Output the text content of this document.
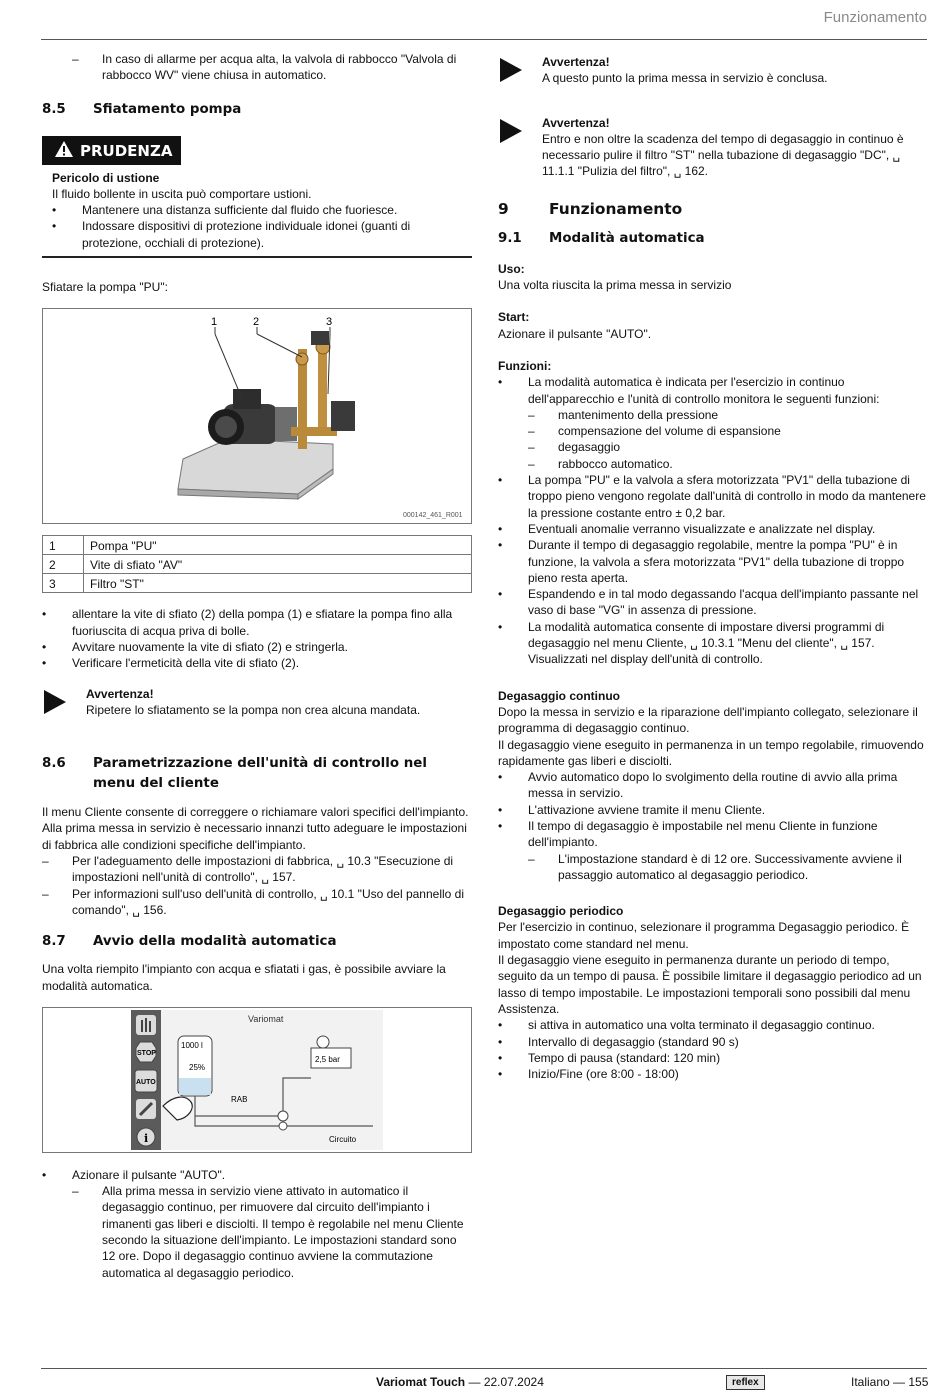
Funzionamento

– In caso di allarme per acqua alta, la valvola di rabbocco "Valvola di rabbocco WV" viene chiusa in automatico.

8.5 Sfiatamento pompa
PRUDENZA

Pericolo di ustione

Il fluido bollente in uscita può comportare ustioni.

• Mantenere una distanza sufficiente dal fluido che fuoriesce.

• Indossare dispositivi di protezione individuale idonei (guanti di protezione, occhiali di protezione).

Sfiatare la pompa "PU":

1	2	3
000142_461_R001
1	Pompa "PU"
2	Vite di sfiato "AV"
3	Filtro "ST"

• allentare la vite di sfiato (2) della pompa (1) e sfiatare la pompa fino alla fuoriuscita di acqua priva di bolle.

• Avvitare nuovamente la vite di sfiato (2) e stringerla.

• Verificare l'ermeticità della vite di sfiato (2).

Avvertenza!

Ripetere lo sfiatamento se la pompa non crea alcuna mandata.

8.6 Parametrizzazione dell'unità di controllo nel menu del cliente

Il menu Cliente consente di correggere o richiamare valori specifici dell'impianto. Alla prima messa in servizio è necessario innanzi tutto adeguare le impostazioni di fabbrica alle condizioni specifiche dell'impianto.

– Per l'adeguamento delle impostazioni di fabbrica, ␣ 10.3 "Esecuzione di impostazioni nell'unità di controllo", ␣ 157.

– Per informazioni sull'uso dell'unità di controllo, ␣ 10.1 "Uso del pannello di comando", ␣ 156.

8.7 Avvio della modalità automatica

Una volta riempito l'impianto con acqua e sfiatati i gas, è possibile avviare la modalità automatica.

STOP
AUTO
i
Variomat
1000 l
25%
2,5 bar
RAB
Circuito

• Azionare il pulsante "AUTO".

– Alla prima messa in servizio viene attivato in automatico il degasaggio continuo, per rimuovere dal circuito dell'impianto i rimanenti gas liberi e disciolti. Il tempo è regolabile nel menu Cliente secondo la situazione dell'impianto. Le impostazioni standard sono 12 ore. Dopo il degasaggio continuo avviene la commutazione automatica al degasaggio periodico.

Avvertenza!

A questo punto la prima messa in servizio è conclusa.

Avvertenza!

Entro e non oltre la scadenza del tempo di degasaggio in continuo è necessario pulire il filtro "ST" nella tubazione di degasaggio "DC", ␣ 11.1.1 "Pulizia del filtro", ␣ 162.

9	Funzionamento
9.1 Modalità automatica

Uso:

Una volta riuscita la prima messa in servizio

Start:

Azionare il pulsante "AUTO".

Funzioni:

• La modalità automatica è indicata per l'esercizio in continuo dell'apparecchio e l'unità di controllo monitora le seguenti funzioni:

– mantenimento della pressione

– compensazione del volume di espansione

– degasaggio

– rabbocco automatico.

• La pompa "PU" e la valvola a sfera motorizzata "PV1" della tubazione di troppo pieno vengono regolate dall'unità di controllo in modo da mantenere la pressione costante entro ± 0,2 bar.

• Eventuali anomalie verranno visualizzate e analizzate nel display.

• Durante il tempo di degasaggio regolabile, mentre la pompa "PU" è in funzione, la valvola a sfera motorizzata "PV1" della tubazione di troppo pieno resta aperta.

• Espandendo e in tal modo degassando l'acqua dell'impianto passante nel vaso di base "VG" in assenza di pressione.

• La modalità automatica consente di impostare diversi programmi di degasaggio nel menu Cliente, ␣ 10.3.1 "Menu del cliente", ␣ 157. Visualizzati nel display dell'unità di controllo.

Degasaggio continuo

Dopo la messa in servizio e la riparazione dell'impianto collegato, selezionare il programma di degasaggio continuo.

Il degasaggio viene eseguito in permanenza in un tempo regolabile, rimuovendo rapidamente gas liberi e disciolti.

• Avvio automatico dopo lo svolgimento della routine di avvio alla prima messa in servizio.

• L'attivazione avviene tramite il menu Cliente.

• Il tempo di degasaggio è impostabile nel menu Cliente in funzione dell'impianto.

– L'impostazione standard è di 12 ore. Successivamente avviene il passaggio automatico al degasaggio periodico.

Degasaggio periodico

Per l'esercizio in continuo, selezionare il programma Degasaggio periodico. È impostato come standard nel menu.

Il degasaggio viene eseguito in permanenza durante un periodo di tempo, seguito da un tempo di pausa. È possibile limitare il degasaggio periodico ad un lasso di tempo impostabile. Le impostazioni temporali sono possibili dal menu Assistenza.

• si attiva in automatico una volta terminato il degasaggio continuo.

• Intervallo di degasaggio (standard 90 s)

• Tempo di pausa (standard: 120 min)

• Inizio/Fine (ore 8:00 - 18:00)

Variomat Touch — 22.07.2024	reflex	Italiano — 155
